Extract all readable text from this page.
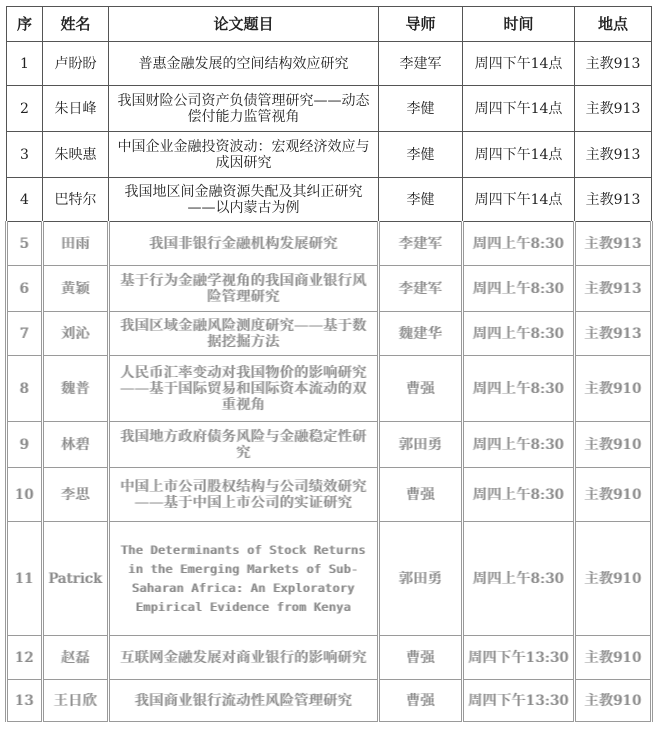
序	姓名	论文题目	导师	时间	地点
1	卢盼盼	普惠金融发展的空间结构效应研究	李建军	周四下午14点	主教913
2	朱日峰	我国财险公司资产负债管理研究——动态偿付能力监管视角	李健	周四下午14点	主教913
3	朱映惠	中国企业金融投资波动：宏观经济效应与成因研究	李健	周四下午14点	主教913
4	巴特尔	我国地区间金融资源失配及其纠正研究——以内蒙古为例	李健	周四下午14点	主教913
5	田雨	我国非银行金融机构发展研究	李建军	周四上午8:30	主教913
6	黄颖	基于行为金融学视角的我国商业银行风险管理研究	李建军	周四上午8:30	主教913
7	刘沁	我国区域金融风险测度研究——基于数据挖掘方法	魏建华	周四上午8:30	主教913
8	魏普	人民币汇率变动对我国物价的影响研究——基于国际贸易和国际资本流动的双重视角	曹强	周四上午8:30	主教910
9	林碧	我国地方政府债务风险与金融稳定性研究	郭田勇	周四上午8:30	主教910
10	李思	中国上市公司股权结构与公司绩效研究——基于中国上市公司的实证研究	曹强	周四上午8:30	主教910
11	Patrick	The Determinants of Stock Returns in the Emerging Markets of Sub-Saharan Africa: An Exploratory Empirical Evidence from Kenya	郭田勇	周四上午8:30	主教910
12	赵磊	互联网金融发展对商业银行的影响研究	曹强	周四下午13:30	主教910
13	王日欣	我国商业银行流动性风险管理研究	曹强	周四下午13:30	主教910
